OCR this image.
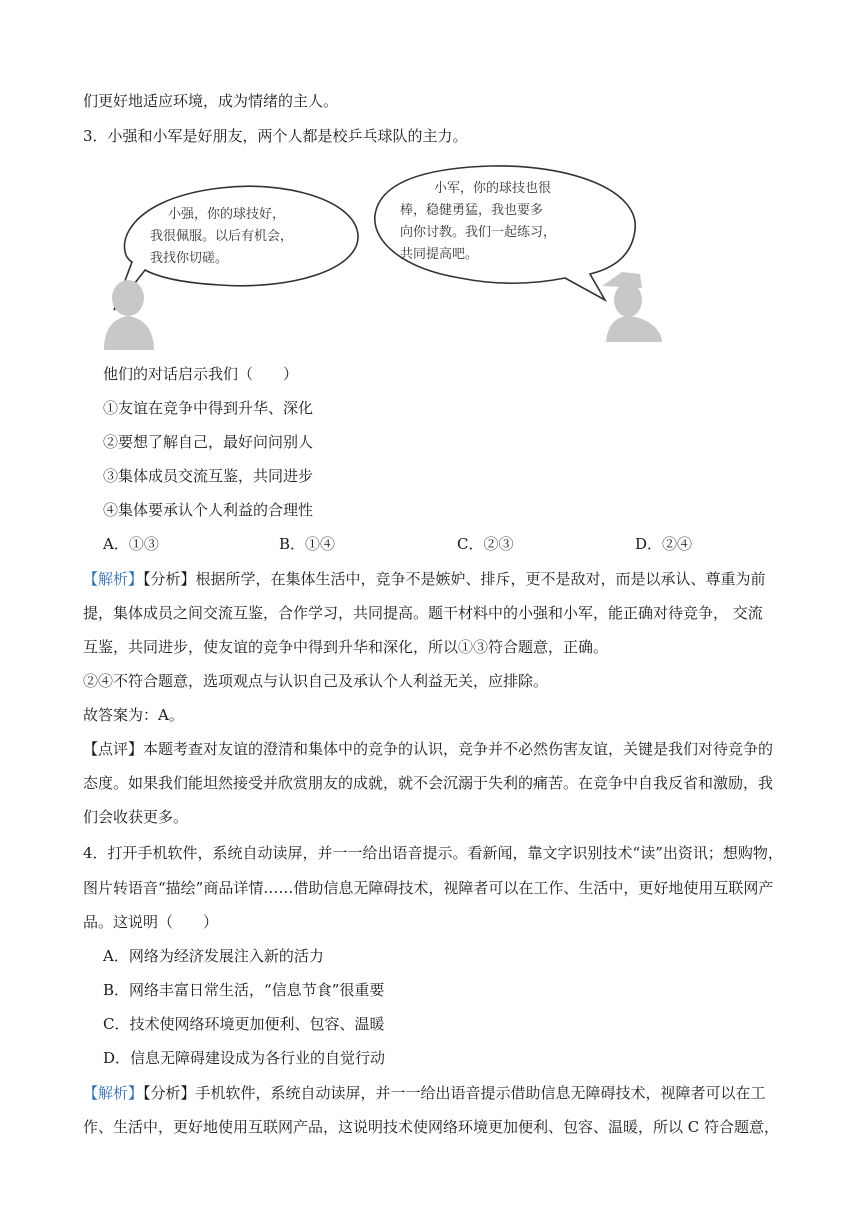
们更好地适应环境，成为情绪的主人。
3．小强和小军是好朋友，两个人都是校乒乓球队的主力。
小强，你的球技好，
我很佩服。以后有机会，
我找你切磋。
小军，你的球技也很
棒，稳健勇猛，我也要多
向你讨教。我们一起练习，
共同提高吧。
他们的对话启示我们（　　）
①友谊在竞争中得到升华、深化
②要想了解自己，最好问问别人
③集体成员交流互鉴，共同进步
④集体要承认个人利益的合理性
A．①③	B．①④	C．②③	D．②④
【解析】【分析】根据所学，在集体生活中，竞争不是嫉妒、排斥，更不是敌对，而是以承认、尊重为前
提，集体成员之间交流互鉴，合作学习，共同提高。题干材料中的小强和小军，能正确对待竞争， 交流
互鉴，共同进步，使友谊的竞争中得到升华和深化，所以①③符合题意，正确。
②④不符合题意，选项观点与认识自己及承认个人利益无关，应排除。
故答案为：A。
【点评】本题考查对友谊的澄清和集体中的竞争的认识，竞争并不必然伤害友谊，关键是我们对待竞争的
态度。如果我们能坦然接受并欣赏朋友的成就，就不会沉溺于失利的痛苦。在竞争中自我反省和激励，我
们会收获更多。
4．打开手机软件，系统自动读屏，并一一给出语音提示。看新闻，靠文字识别技术“读”出资讯；想购物，
图片转语音“描绘”商品详情……借助信息无障碍技术，视障者可以在工作、生活中，更好地使用互联网产
品。这说明（　　）
A．网络为经济发展注入新的活力
B．网络丰富日常生活，“信息节食”很重要
C．技术使网络环境更加便利、包容、温暖
D．信息无障碍建设成为各行业的自觉行动
【解析】【分析】手机软件，系统自动读屏，并一一给出语音提示借助信息无障碍技术，视障者可以在工
作、生活中，更好地使用互联网产品，这说明技术使网络环境更加便利、包容、温暖，所以 C 符合题意，
